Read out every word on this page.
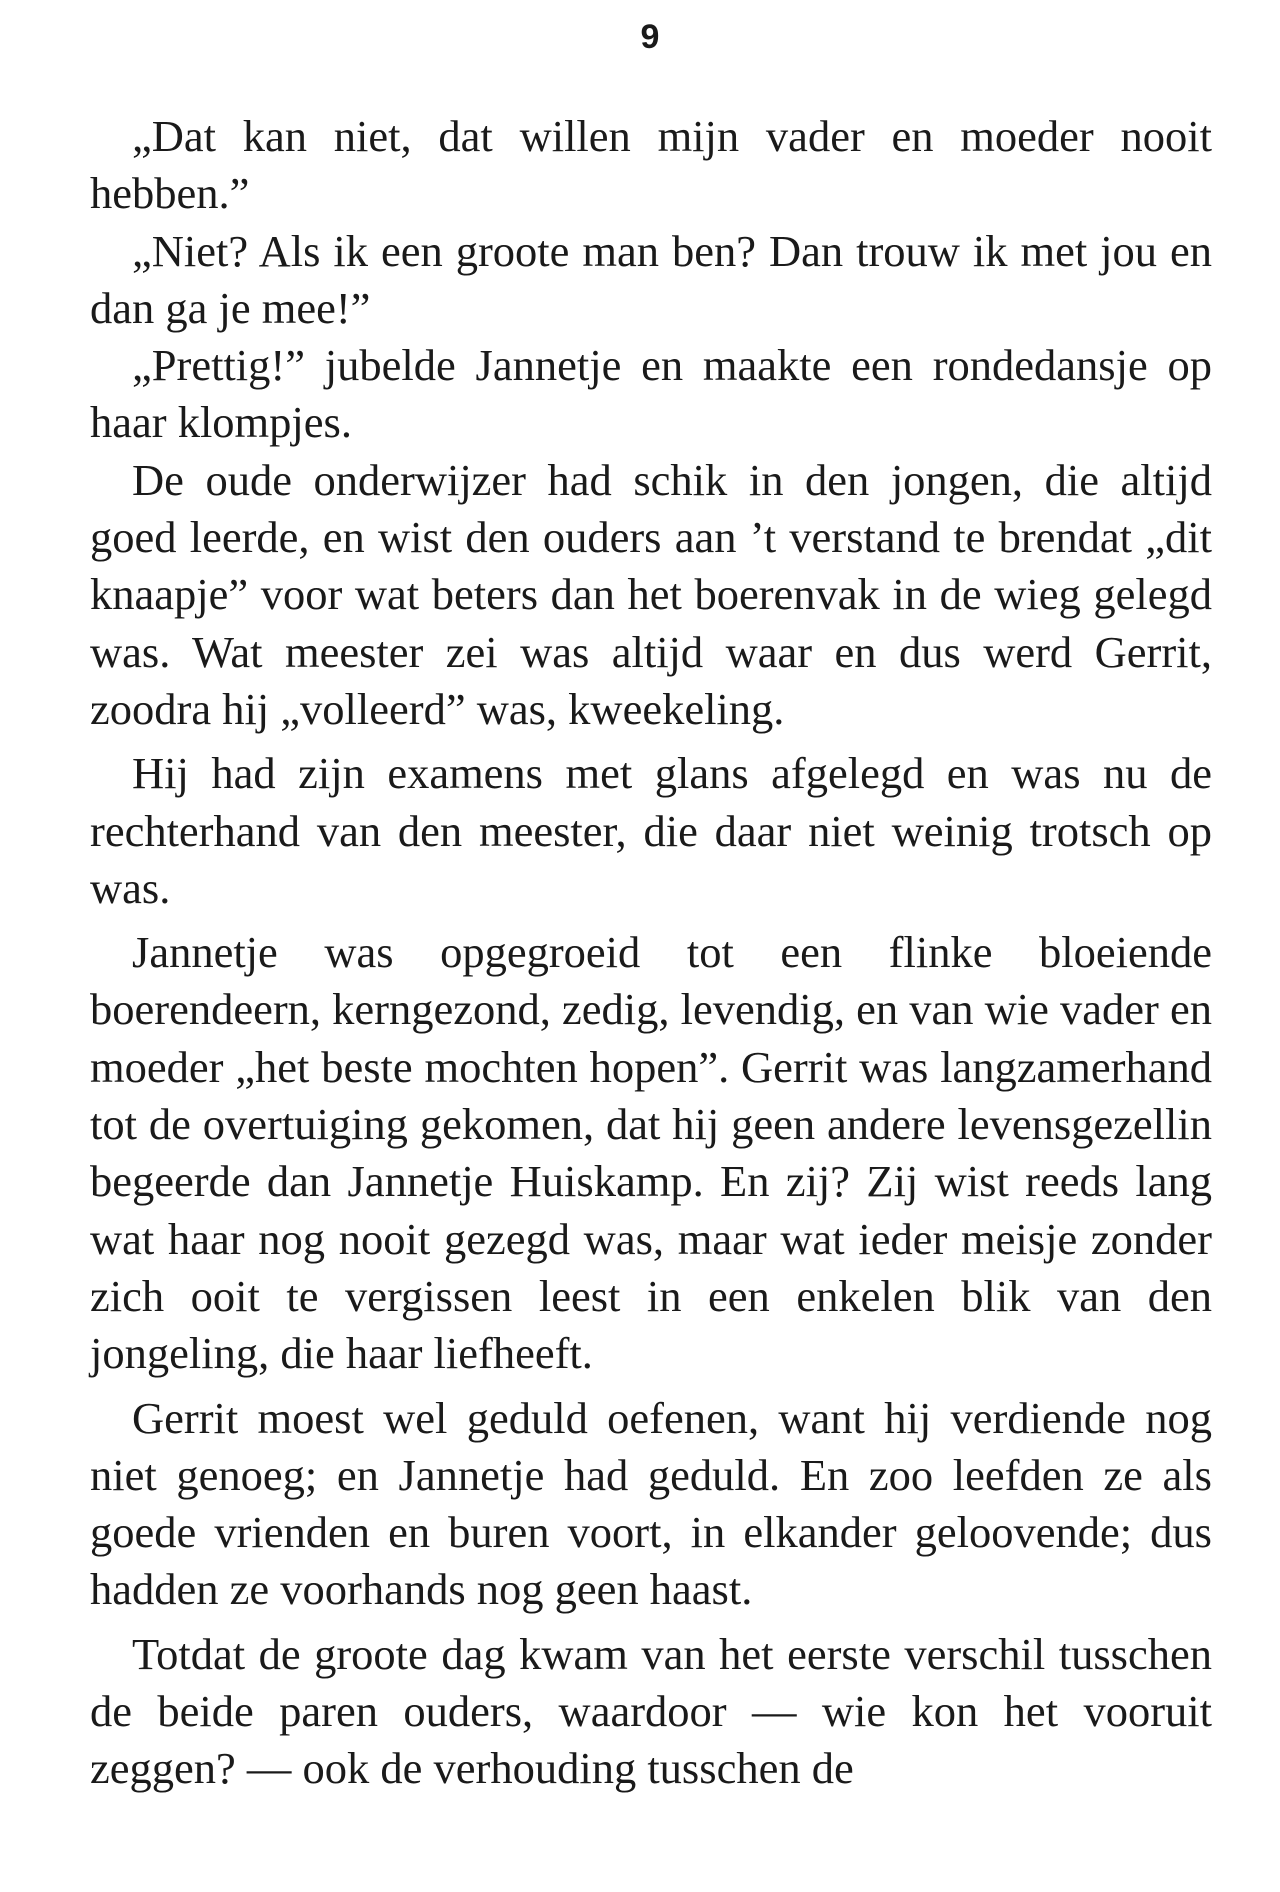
9

„Dat kan niet, dat willen mijn vader en moeder nooit hebben.”

„Niet? Als ik een groote man ben? Dan trouw ik met jou en dan ga je mee!”

„Prettig!” jubelde Jannetje en maakte een rondedansje op haar klompjes.

De oude onderwijzer had schik in den jongen, die altijd goed leerde, en wist den ouders aan ’t verstand te brendat „dit knaapje” voor wat beters dan het boerenvak in de wieg gelegd was. Wat meester zei was altijd waar en dus werd Gerrit, zoodra hij „volleerd” was, kweekeling.

Hij had zijn examens met glans afgelegd en was nu de rechterhand van den meester, die daar niet weinig trotsch op was.

Jannetje was opgegroeid tot een flinke bloeiende boerendeern, kerngezond, zedig, levendig, en van wie vader en moeder „het beste mochten hopen”. Gerrit was langzamerhand tot de overtuiging gekomen, dat hij geen andere levensgezellin begeerde dan Jannetje Huiskamp. En zij? Zij wist reeds lang wat haar nog nooit gezegd was, maar wat ieder meisje zonder zich ooit te vergissen leest in een enkelen blik van den jongeling, die haar liefheeft.

Gerrit moest wel geduld oefenen, want hij verdiende nog niet genoeg; en Jannetje had geduld. En zoo leefden ze als goede vrienden en buren voort, in elkander geloovende; dus hadden ze voorhands nog geen haast.

Totdat de groote dag kwam van het eerste verschil tusschen de beide paren ouders, waardoor — wie kon het vooruit zeggen? — ook de verhouding tusschen de
